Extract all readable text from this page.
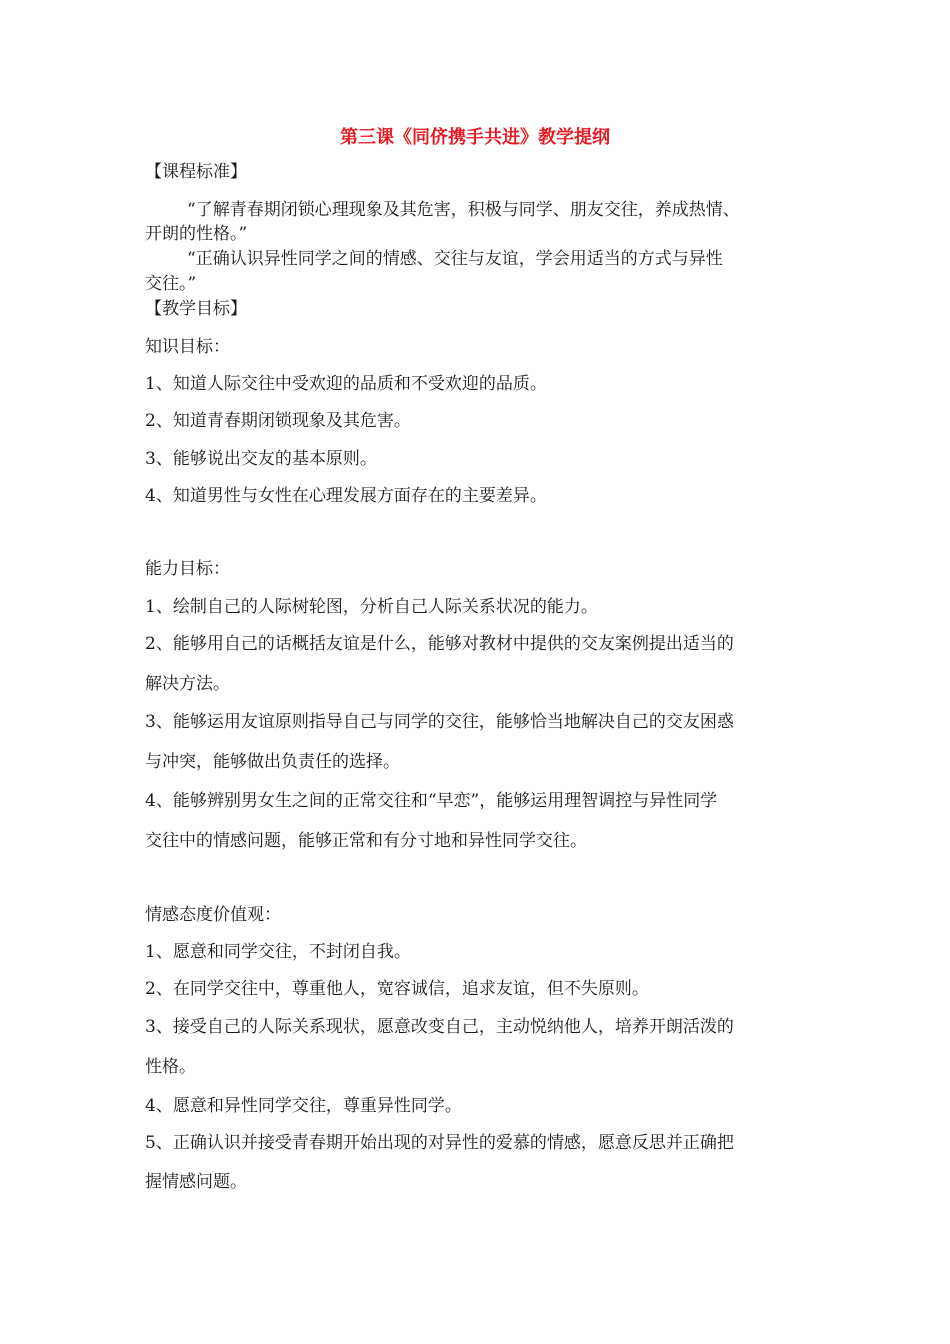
第三课《同侪携手共进》教学提纲
【课程标准】
“了解青春期闭锁心理现象及其危害，积极与同学、朋友交往，养成热情、
开朗的性格。”
“正确认识异性同学之间的情感、交往与友谊，学会用适当的方式与异性
交往。”
【教学目标】
知识目标：
1、知道人际交往中受欢迎的品质和不受欢迎的品质。
2、知道青春期闭锁现象及其危害。
3、能够说出交友的基本原则。
4、知道男性与女性在心理发展方面存在的主要差异。
能力目标：
1、绘制自己的人际树轮图，分析自己人际关系状况的能力。
2、能够用自己的话概括友谊是什么，能够对教材中提供的交友案例提出适当的
解决方法。
3、能够运用友谊原则指导自己与同学的交往，能够恰当地解决自己的交友困惑
与冲突，能够做出负责任的选择。
4、能够辨别男女生之间的正常交往和“早恋”，能够运用理智调控与异性同学
交往中的情感问题，能够正常和有分寸地和异性同学交往。
情感态度价值观：
1、愿意和同学交往，不封闭自我。
2、在同学交往中，尊重他人，宽容诚信，追求友谊，但不失原则。
3、接受自己的人际关系现状，愿意改变自己，主动悦纳他人，培养开朗活泼的
性格。
4、愿意和异性同学交往，尊重异性同学。
5、正确认识并接受青春期开始出现的对异性的爱慕的情感，愿意反思并正确把
握情感问题。
